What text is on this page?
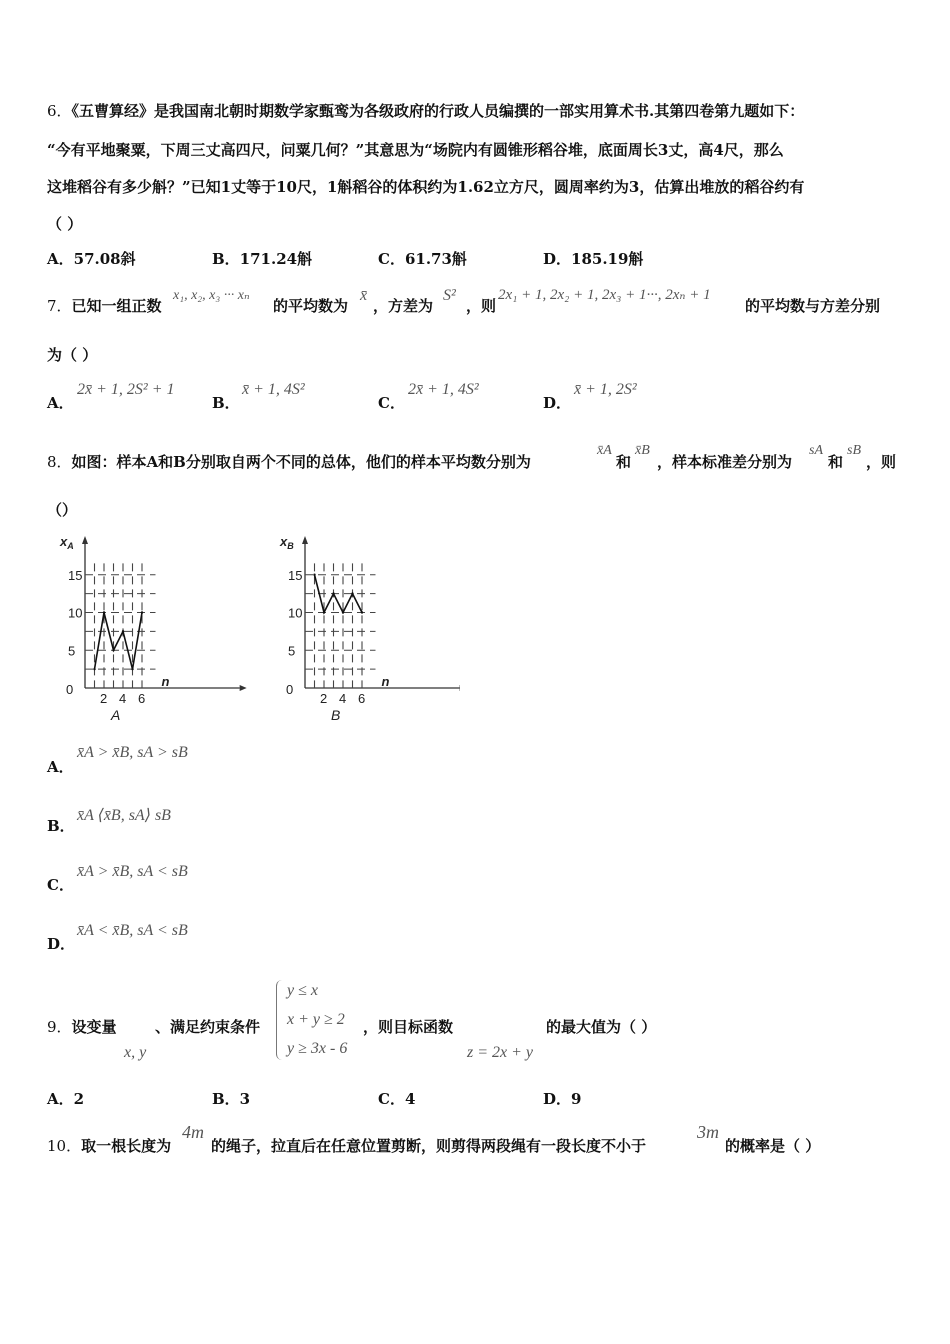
6．《五曹算经》是我国南北朝时期数学家甄鸾为各级政府的行政人员编撰的一部实用算术书.其第四卷第九题如下：
“今有平地聚粟，下周三丈高四尺，问粟几何？”其意思为“场院内有圆锥形稻谷堆，底面周长3丈，高4尺，那么
这堆稻谷有多少斛？”已知1丈等于10尺，1斛稻谷的体积约为1.62立方尺，圆周率约为3，估算出堆放的稻谷约有
（ ）
A．57.08斜	B．171.24斛	C．61.73斛	D．185.19斛
7．已知一组正数
x₁, x₂, x₃ ··· xₙ
的平均数为
x̄
，方差为
S²
，则
2x₁ + 1, 2x₂ + 1, 2x₃ + 1···, 2xₙ + 1
的平均数与方差分别
为（ ）
A．
2x̄ + 1, 2S² + 1
B．
x̄ + 1, 4S²
C．
2x̄ + 1, 4S²
D．
x̄ + 1, 2S²
8．如图：样本A和B分别取自两个不同的总体，他们的样本平均数分别为
x̄A
和
x̄B
，样本标准差分别为
sA
和
sB
，则
（）
5
10
15
2 4 6
0
$x_A$
n
A
5
10
15
2 4 6
0
$x_B$
n
B
A．
x̄A > x̄B, sA > sB
B．
x̄A ⟨x̄B, sA⟩ sB
C．
x̄A > x̄B, sA < sB
D．
x̄A < x̄B, sA < sB
9．设变量
x, y
、满足约束条件
y ≤ x
x + y ≥ 2
y ≥ 3x - 6
，则目标函数
z = 2x + y
的最大值为（ ）
A．2	B．3	C．4	D．9
10．取一根长度为
4m
的绳子，拉直后在任意位置剪断，则剪得两段绳有一段长度不小于
3m
的概率是（ ）
